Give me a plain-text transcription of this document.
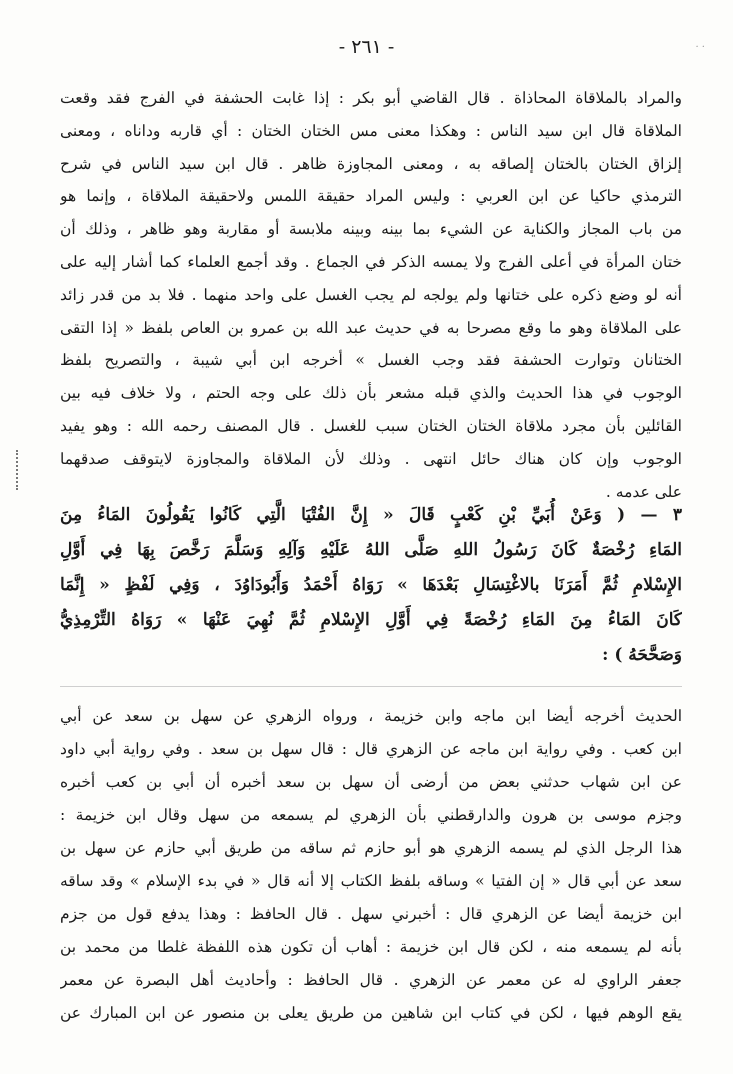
· ·
- ٢٦١ -
والمراد بالملاقاة المحاذاة . قال القاضي أبو بكر : إذا غابت الحشفة في الفرج فقد وقعت
الملاقاة قال ابن سيد الناس : وهكذا معنى مس الختان الختان : أي قاربه وداناه ، ومعنى
إلزاق الختان بالختان إلصاقه به ، ومعنى المجاوزة ظاهر . قال ابن سيد الناس في شرح
الترمذي حاكيا عن ابن العربي : وليس المراد حقيقة اللمس ولاحقيقة الملاقاة ، وإنما هو
من باب المجاز والكناية عن الشيء بما بينه وبينه ملابسة أو مقاربة وهو ظاهر ، وذلك أن
ختان المرأة في أعلى الفرج ولا يمسه الذكر في الجماع . وقد أجمع العلماء كما أشار إليه على
أنه لو وضع ذكره على ختانها ولم يولجه لم يجب الغسل على واحد منهما . فلا بد من قدر زائد
على الملاقاة وهو ما وقع مصرحا به في حديث عبد الله بن عمرو بن العاص بلفظ « إذا التقى
الختانان وتوارت الحشفة فقد وجب الغسل » أخرجه ابن أبي شيبة ، والتصريح بلفظ
الوجوب في هذا الحديث والذي قبله مشعر بأن ذلك على وجه الحتم ، ولا خلاف فيه بين
القائلين بأن مجرد ملاقاة الختان الختان سبب للغسل . قال المصنف رحمه الله : وهو يفيد
الوجوب وإن كان هناك حائل انتهى . وذلك لأن الملاقاة والمجاوزة لايتوقف صدقهما
على عدمه .
٣ — ( وَعَنْ أُبَيِّ بْنِ كَعْبٍ قَالَ « إِنَّ الفُتْيَا الَّتِي كَانُوا يَقُولُونَ المَاءُ مِنَ
المَاءِ رُخْصَةٌ كَانَ رَسُولُ اللهِ صَلَّى اللهُ عَلَيْهِ وَآلِهِ وَسَلَّمَ رَخَّصَ بِهَا فِي أَوَّلِ
الإِسْلامِ ثُمَّ أَمَرَنَا بالاغْتِسَالِ بَعْدَهَا » رَوَاهُ أَحْمَدُ وَأَبُودَاوُدَ ، وَفِي لَفْظٍ « إِنَّمَا
كَانَ المَاءُ مِنَ المَاءِ رُخْصَةً فِي أَوَّلِ الإِسْلامِ ثُمَّ نُهِيَ عَنْهَا » رَوَاهُ التِّرْمِذِيُّ
وَصَحَّحَهُ ) :
الحديث أخرجه أيضا ابن ماجه وابن خزيمة ، ورواه الزهري عن سهل بن سعد عن أبي
ابن كعب . وفي رواية ابن ماجه عن الزهري قال : قال سهل بن سعد . وفي رواية أبي داود
عن ابن شهاب حدثني بعض من أرضى أن سهل بن سعد أخبره أن أبي بن كعب أخبره
وجزم موسى بن هرون والدارقطني بأن الزهري لم يسمعه من سهل وقال ابن خزيمة :
هذا الرجل الذي لم يسمه الزهري هو أبو حازم ثم ساقه من طريق أبي حازم عن سهل بن
سعد عن أبي قال « إن الفتيا » وساقه بلفظ الكتاب إلا أنه قال « في بدء الإسلام » وقد ساقه
ابن خزيمة أيضا عن الزهري قال : أخبرني سهل . قال الحافظ : وهذا يدفع قول من جزم
بأنه لم يسمعه منه ، لكن قال ابن خزيمة : أهاب أن تكون هذه اللفظة غلطا من محمد بن
جعفر الراوي له عن معمر عن الزهري . قال الحافظ : وأحاديث أهل البصرة عن معمر
يقع الوهم فيها ، لكن في كتاب ابن شاهين من طريق يعلى بن منصور عن ابن المبارك عن
